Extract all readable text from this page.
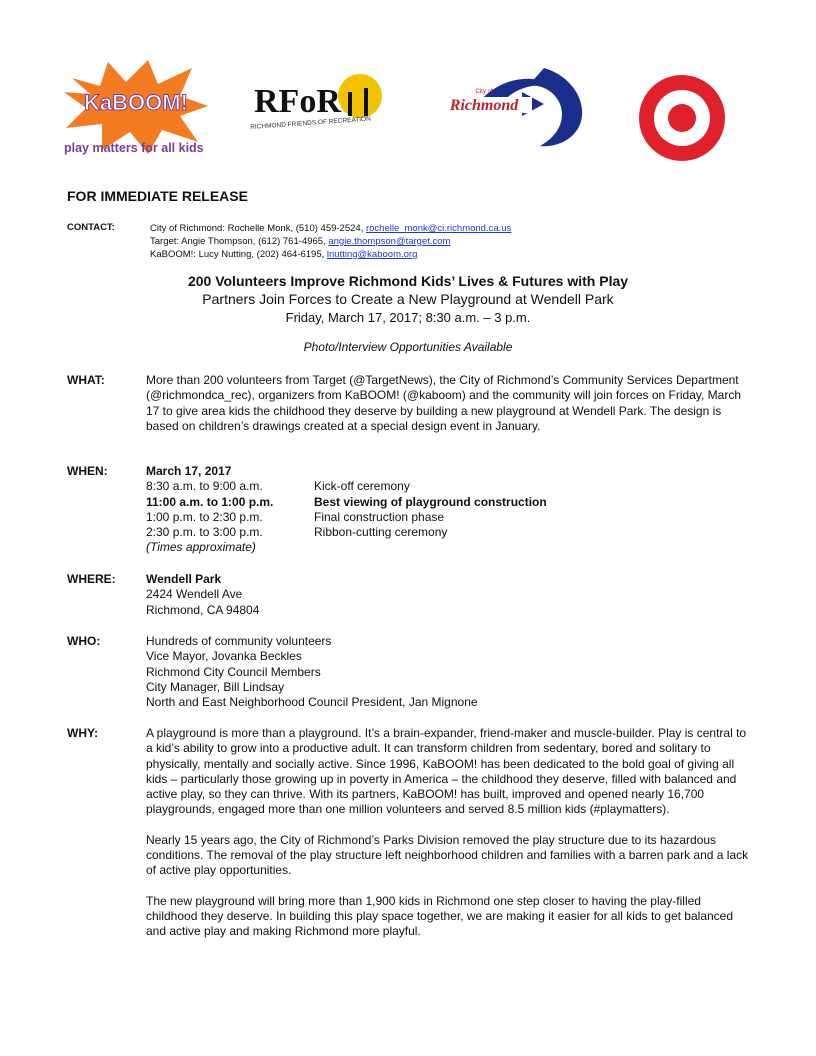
KaBOOM!
play matters for all kids
RFoR
RICHMOND FRIENDS OF RECREATION
City of
Richmond
FOR IMMEDIATE RELEASE
CONTACT:	City of Richmond: Rochelle Monk, (510) 459-2524, rochelle_monk@ci.richmond.ca.us
Target: Angie Thompson, (612) 761-4965, angie.thompson@target.com
KaBOOM!: Lucy Nutting, (202) 464-6195, lnutting@kaboom.org
200 Volunteers Improve Richmond Kids’ Lives & Futures with Play
Partners Join Forces to Create a New Playground at Wendell Park
Friday, March 17, 2017; 8:30 a.m. – 3 p.m.
Photo/Interview Opportunities Available
WHAT:	More than 200 volunteers from Target (@TargetNews), the City of Richmond’s Community Services Department (@richmondca_rec), organizers from KaBOOM! (@kaboom) and the community will join forces on Friday, March 17 to give area kids the childhood they deserve by building a new playground at Wendell Park. The design is based on children’s drawings created at a special design event in January.
WHEN:	March 17, 2017
8:30 a.m. to 9:00 a.m.	Kick-off ceremony
11:00 a.m. to 1:00 p.m.	Best viewing of playground construction
1:00 p.m. to 2:30 p.m.	Final construction phase
2:30 p.m. to 3:00 p.m.	Ribbon-cutting ceremony
(Times approximate)
WHERE:	Wendell Park
2424 Wendell Ave
Richmond, CA 94804
WHO:	Hundreds of community volunteers
Vice Mayor, Jovanka Beckles
Richmond City Council Members
City Manager, Bill Lindsay
North and East Neighborhood Council President, Jan Mignone
WHY:	A playground is more than a playground. It’s a brain-expander, friend-maker and muscle-builder. Play is central to a kid’s ability to grow into a productive adult. It can transform children from sedentary, bored and solitary to physically, mentally and socially active. Since 1996, KaBOOM! has been dedicated to the bold goal of giving all kids – particularly those growing up in poverty in America – the childhood they deserve, filled with balanced and active play, so they can thrive. With its partners, KaBOOM! has built, improved and opened nearly 16,700 playgrounds, engaged more than one million volunteers and served 8.5 million kids (#playmatters).

Nearly 15 years ago, the City of Richmond’s Parks Division removed the play structure due to its hazardous conditions. The removal of the play structure left neighborhood children and families with a barren park and a lack of active play opportunities.

The new playground will bring more than 1,900 kids in Richmond one step closer to having the play-filled childhood they deserve. In building this play space together, we are making it easier for all kids to get balanced and active play and making Richmond more playful.
